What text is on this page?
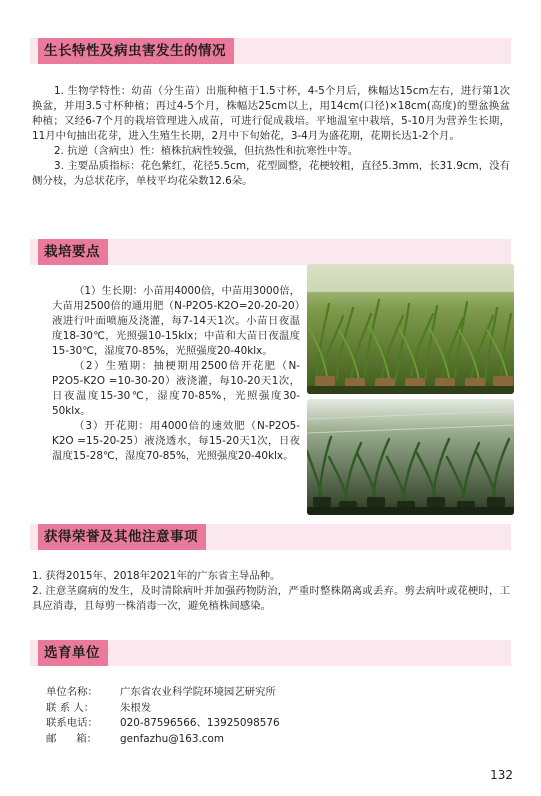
生长特性及病虫害发生的情况

1. 生物学特性：幼苗（分生苗）出瓶种植于1.5寸杯，4-5个月后，株幅达15cm左右，进行第1次换盆，并用3.5寸杯种植；再过4-5个月，株幅达25cm以上，用14cm(口径)×18cm(高度)的塑盆换盆种植；又经6-7个月的栽培管理进入成苗，可进行促成栽培。平地温室中栽培，5-10月为营养生长期，11月中旬抽出花芽，进入生殖生长期，2月中下旬始花，3-4月为盛花期，花期长达1-2个月。

2. 抗逆（含病虫）性：植株抗病性较强，但抗热性和抗寒性中等。

3. 主要品质指标：花色紫红，花径5.5cm，花型圆整，花梗较粗，直径5.3mm，长31.9cm，没有侧分枝，为总状花序，单枝平均花朵数12.6朵。

栽培要点

（1）生长期：小苗用4000倍，中苗用3000倍，大苗用2500倍的通用肥（N-P2O5-K2O=20-20-20）液进行叶面喷施及浇灌，每7-14天1次。小苗日夜温度18-30℃，光照强10-15klx；中苗和大苗日夜温度15-30℃，湿度70-85%，光照强度20-40klx。

（2）生殖期：抽梗期用2500倍开花肥（N-P2O5-K2O =10-30-20）液浇灌，每10-20天1次，日夜温度15-30℃，湿度70-85%，光照强度30-50klx。

（3）开花期：用4000倍的速效肥（N-P2O5-K2O =15-20-25）液浇透水，每15-20天1次，日夜温度15-28℃，湿度70-85%，光照强度20-40klx。

获得荣誉及其他注意事项

1. 获得2015年、2018年2021年的广东省主导品种。

2. 注意茎腐病的发生，及时清除病叶并加强药物防治，严重时整株隔离或丢弃。剪去病叶或花梗时，工具应消毒，且每剪一株消毒一次，避免植株间感染。

选育单位
单位名称：	广东省农业科学院环境园艺研究所
联 系 人：	朱根发
联系电话：	020-87596566、13925098576
邮      箱：	genfazhu@163.com
132
